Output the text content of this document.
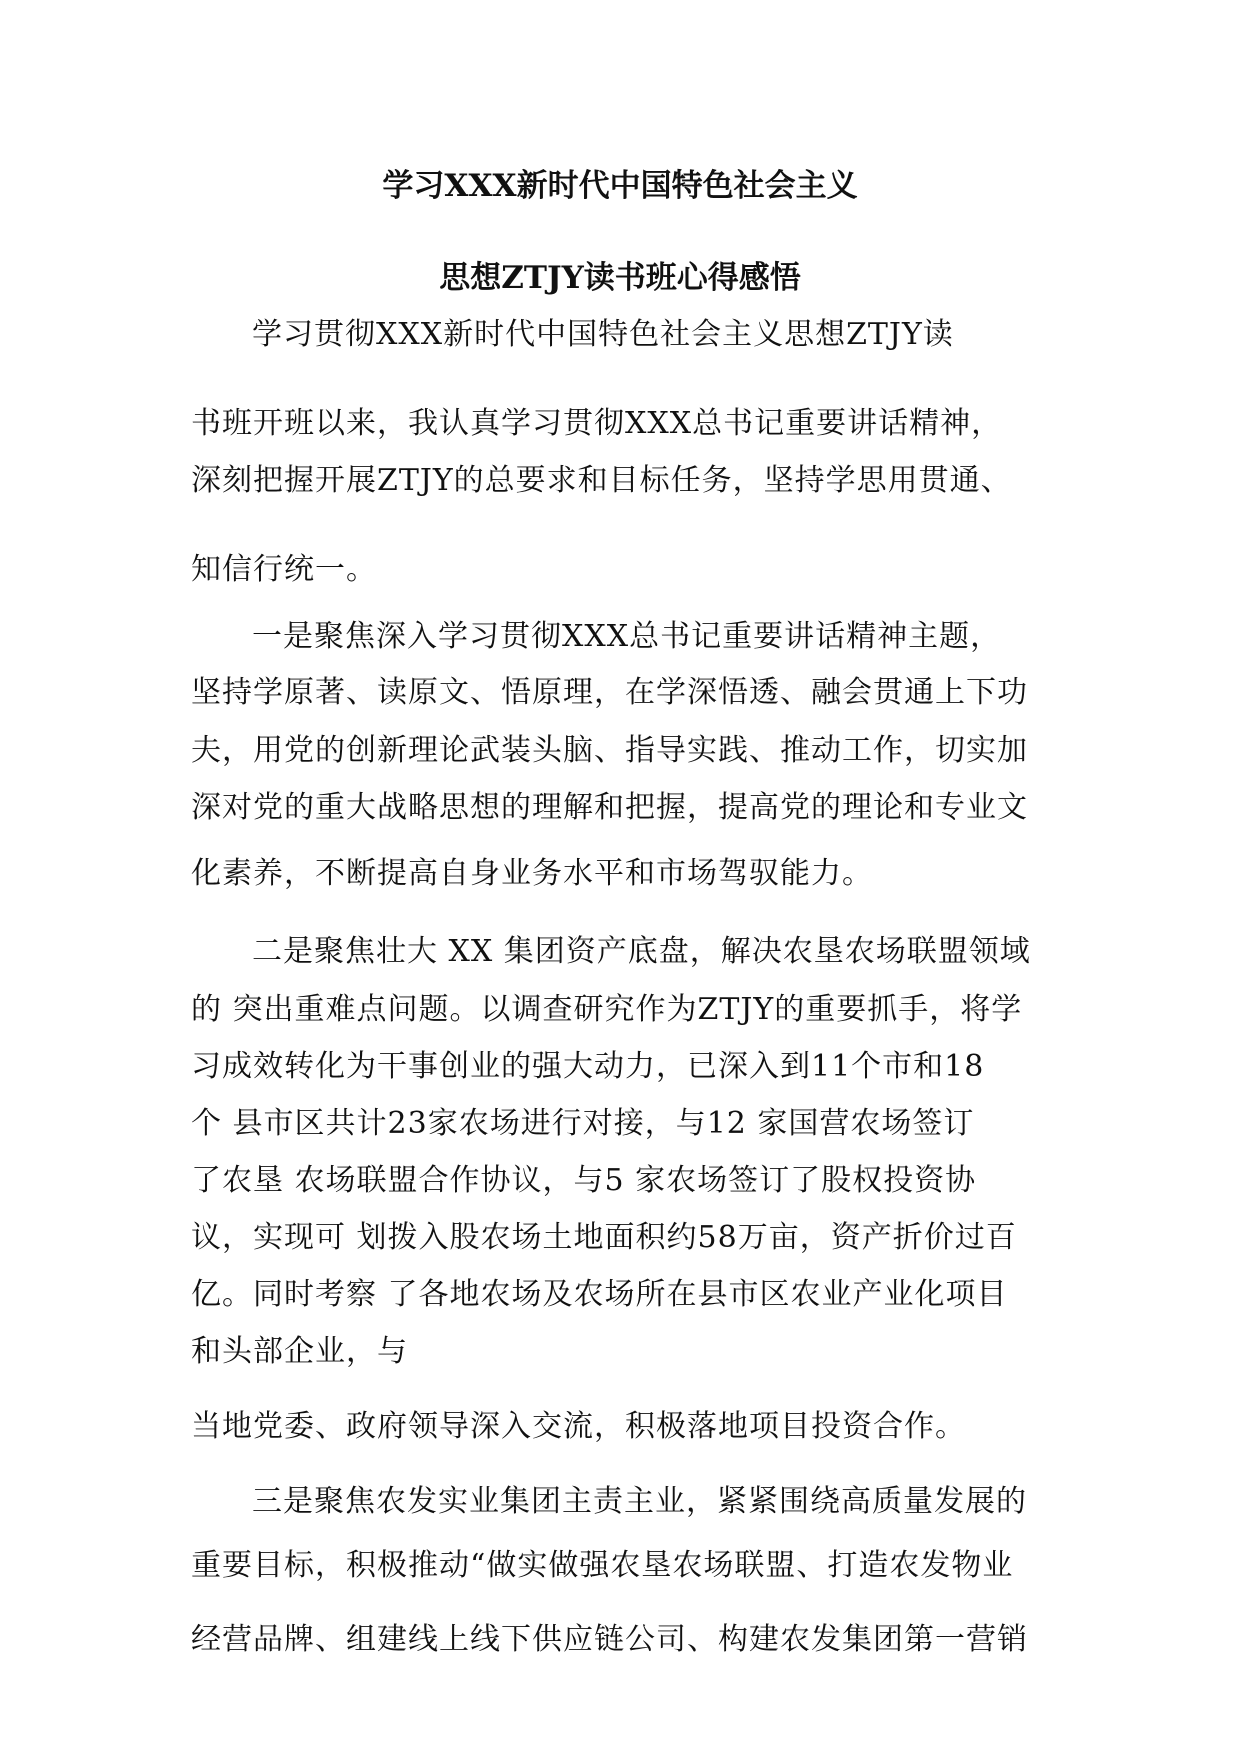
学习XXX新时代中国特色社会主义
思想ZTJY读书班心得感悟
学习贯彻XXX新时代中国特色社会主义思想ZTJY读
书班开班以来，我认真学习贯彻XXX总书记重要讲话精神，
深刻把握开展ZTJY的总要求和目标任务，坚持学思用贯通、
知信行统一。
一是聚焦深入学习贯彻XXX总书记重要讲话精神主题，
坚持学原著、读原文、悟原理，在学深悟透、融会贯通上下功
夫，用党的创新理论武装头脑、指导实践、推动工作，切实加
深对党的重大战略思想的理解和把握，提高党的理论和专业文
化素养，不断提高自身业务水平和市场驾驭能力。
二是聚焦壮大 XX 集团资产底盘，解决农垦农场联盟领域
的 突出重难点问题。以调查研究作为ZTJY的重要抓手，将学
习成效转化为干事创业的强大动力，已深入到11个市和18
个 县市区共计23家农场进行对接，与12 家国营农场签订
了农垦 农场联盟合作协议，与5 家农场签订了股权投资协
议，实现可 划拨入股农场土地面积约58万亩，资产折价过百
亿。同时考察 了各地农场及农场所在县市区农业产业化项目
和头部企业，与
当地党委、政府领导深入交流，积极落地项目投资合作。
三是聚焦农发实业集团主责主业，紧紧围绕高质量发展的
重要目标，积极推动“做实做强农垦农场联盟、打造农发物业
经营品牌、组建线上线下供应链公司、构建农发集团第一营销
